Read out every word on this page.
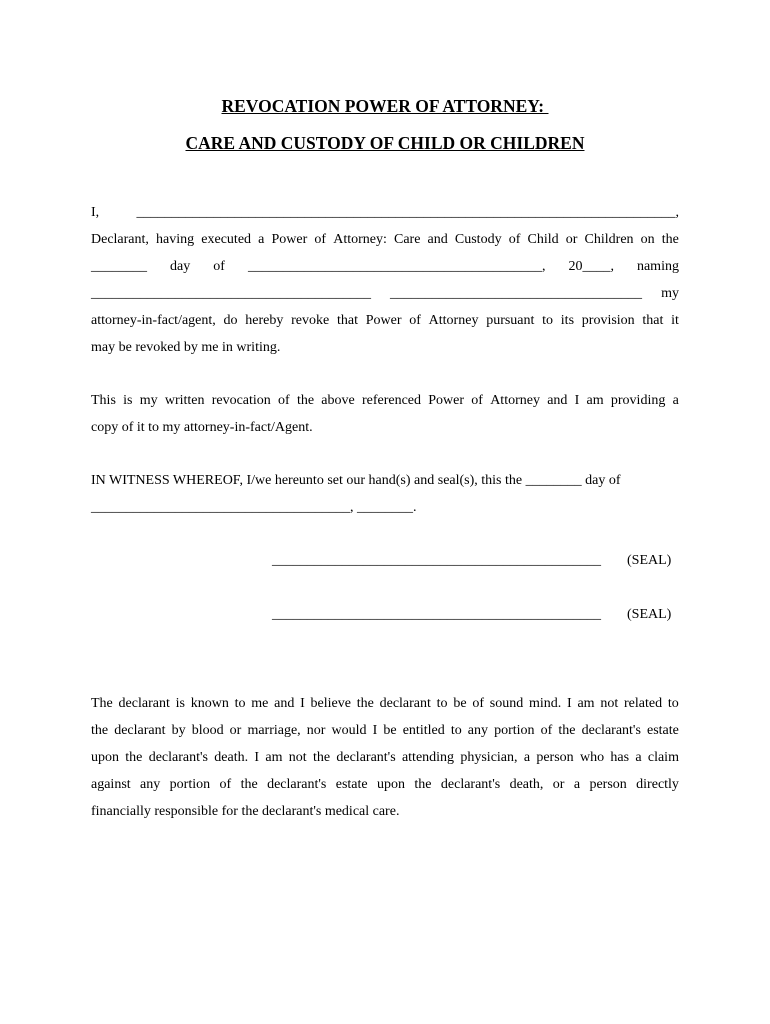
REVOCATION POWER OF ATTORNEY:
CARE AND CUSTODY OF CHILD OR CHILDREN
I,	_____________________________________________________________________________,
Declarant, having executed a Power of Attorney: Care and Custody of Child or Children on the
________ day of __________________________________________, 20____, naming
________________________________________ ____________________________________ my
attorney-in-fact/agent, do hereby revoke that Power of Attorney pursuant to its provision that it
may be revoked by me in writing.
This is my written revocation of the above referenced Power of Attorney and I am providing a
copy of it to my attorney-in-fact/Agent.
IN WITNESS WHEREOF, I/we hereunto set our hand(s) and seal(s), this the ________ day of
_____________________________________, ________.
_______________________________________________ (SEAL)
_______________________________________________ (SEAL)
The declarant is known to me and I believe the declarant to be of sound mind. I am not related to
the declarant by blood or marriage, nor would I be entitled to any portion of the declarant's estate
upon the declarant's death. I am not the declarant's attending physician, a person who has a claim
against any portion of the declarant's estate upon the declarant's death, or a person directly
financially responsible for the declarant's medical care.
